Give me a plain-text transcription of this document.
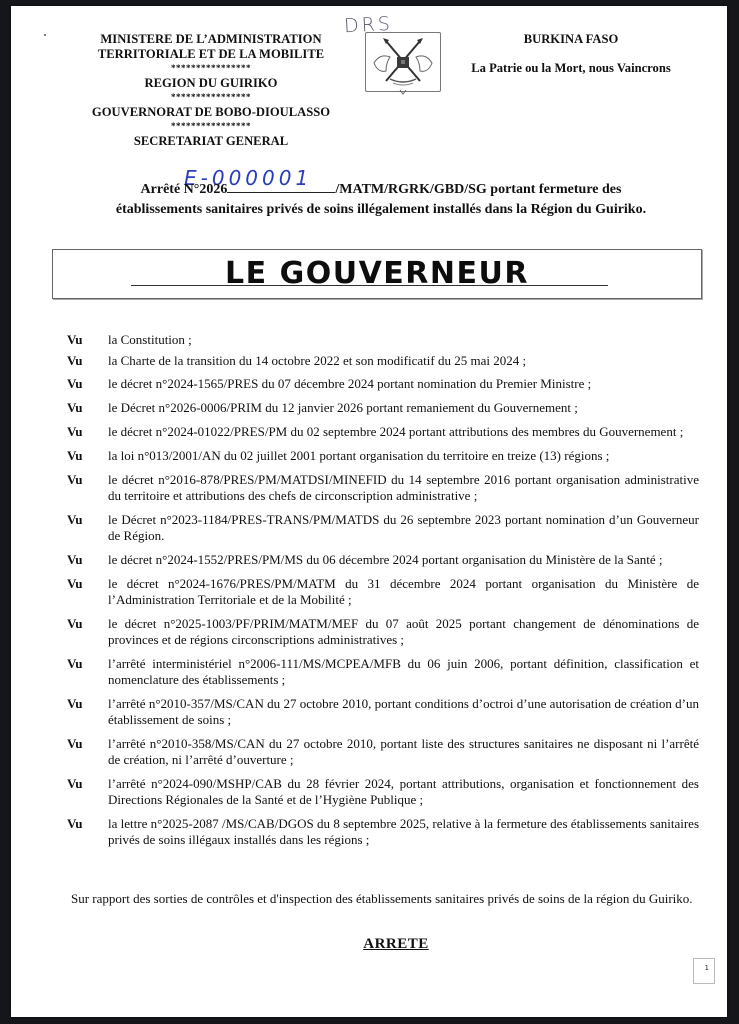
MINISTERE DE L’ADMINISTRATION
TERRITORIALE ET DE LA MOBILITE
****************
REGION DU GUIRIKO
****************
GOUVERNORAT DE BOBO-DIOULASSO
****************
SECRETARIAT GENERAL
DRS
BURKINA FASO
La Patrie ou la Mort, nous Vaincrons
E-000001
Arrêté N°2026	/MATM/RGRK/GBD/SG portant fermeture des
établissements sanitaires privés de soins illégalement installés dans la Région du Guiriko.
LE GOUVERNEUR
Vu	la Constitution ;
Vu	la Charte de la transition du 14 octobre 2022 et son modificatif du 25 mai 2024 ;
Vu	le décret n°2024-1565/PRES du 07 décembre 2024 portant nomination du Premier Ministre ;
Vu	le Décret n°2026-0006/PRIM du 12 janvier 2026 portant remaniement du Gouvernement ;
Vu	le décret n°2024-01022/PRES/PM du 02 septembre 2024 portant attributions des membres du Gouvernement ;
Vu	la loi n°013/2001/AN du 02 juillet 2001 portant organisation du territoire en treize (13) régions ;
Vu	le décret n°2016-878/PRES/PM/MATDSI/MINEFID du 14 septembre 2016 portant organisation administrative du territoire et attributions des chefs de circonscription administrative ;
Vu	le Décret n°2023-1184/PRES-TRANS/PM/MATDS du 26 septembre 2023 portant nomination d’un Gouverneur de Région.
Vu	le décret n°2024-1552/PRES/PM/MS du 06 décembre 2024 portant organisation du Ministère de la Santé ;
Vu	le décret n°2024-1676/PRES/PM/MATM du 31 décembre 2024 portant organisation du Ministère de l’Administration Territoriale et de la Mobilité ;
Vu	le décret n°2025-1003/PF/PRIM/MATM/MEF du 07 août 2025 portant changement de dénominations de provinces et de régions circonscriptions administratives ;
Vu	l’arrêté interministériel n°2006-111/MS/MCPEA/MFB du 06 juin 2006, portant définition, classification et nomenclature des établissements ;
Vu	l’arrêté n°2010-357/MS/CAN du 27 octobre 2010, portant conditions d’octroi d’une autorisation de création d’un établissement de soins ;
Vu	l’arrêté n°2010-358/MS/CAN du 27 octobre 2010, portant liste des structures sanitaires ne disposant ni l’arrêté de création, ni l’arrêté d’ouverture ;
Vu	l’arrêté n°2024-090/MSHP/CAB du 28 février 2024, portant attributions, organisation et fonctionnement des Directions Régionales de la Santé et de l’Hygiène Publique ;
Vu	la lettre n°2025-2087 /MS/CAB/DGOS du 8 septembre 2025, relative à la fermeture des établissements sanitaires privés de soins illégaux installés dans les régions ;
Sur rapport des sorties de contrôles et d'inspection des établissements sanitaires privés de soins de la région du Guiriko.
ARRETE
1
